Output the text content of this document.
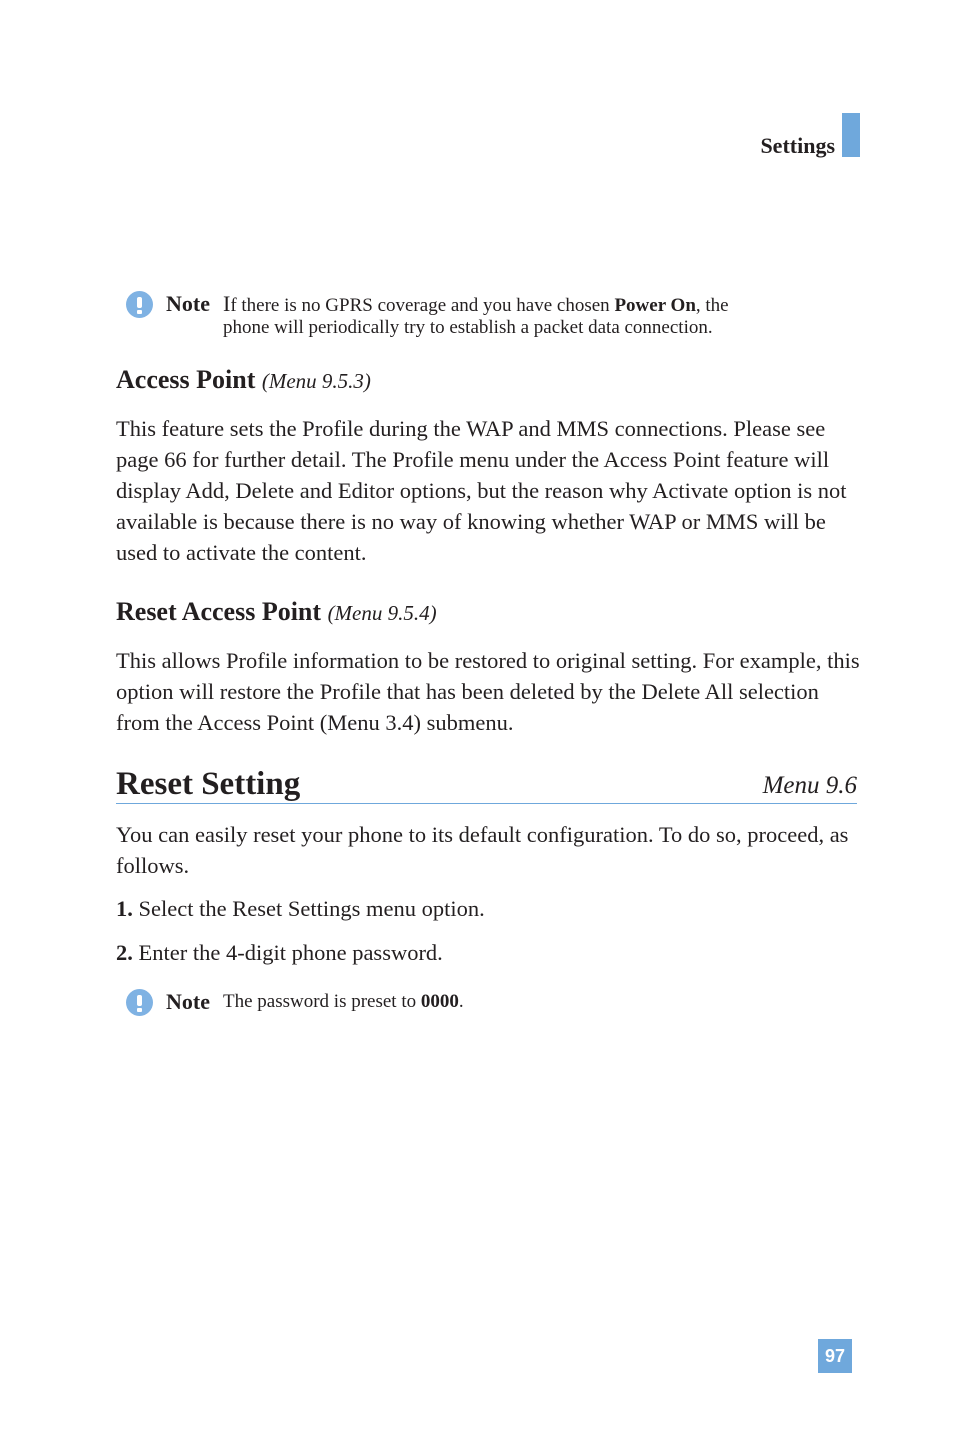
Settings
Note If there is no GPRS coverage and you have chosen Power On, the
phone will periodically try to establish a packet data connection.
Access Point (Menu 9.5.3)

This feature sets the Profile during the WAP and MMS connections. Please see page 66 for further detail. The Profile menu under the Access Point feature will display Add, Delete and Editor options, but the reason why Activate option is not available is because there is no way of knowing whether WAP or MMS will be used to activate the content.

Reset Access Point (Menu 9.5.4)

This allows Profile information to be restored to original setting. For example, this option will restore the Profile that has been deleted by the Delete All selection from the Access Point (Menu 3.4) submenu.

Reset Setting	Menu 9.6

You can easily reset your phone to its default configuration. To do so, proceed, as follows.

1. Select the Reset Settings menu option.
2. Enter the 4-digit phone password.
Note The password is preset to 0000.
97
